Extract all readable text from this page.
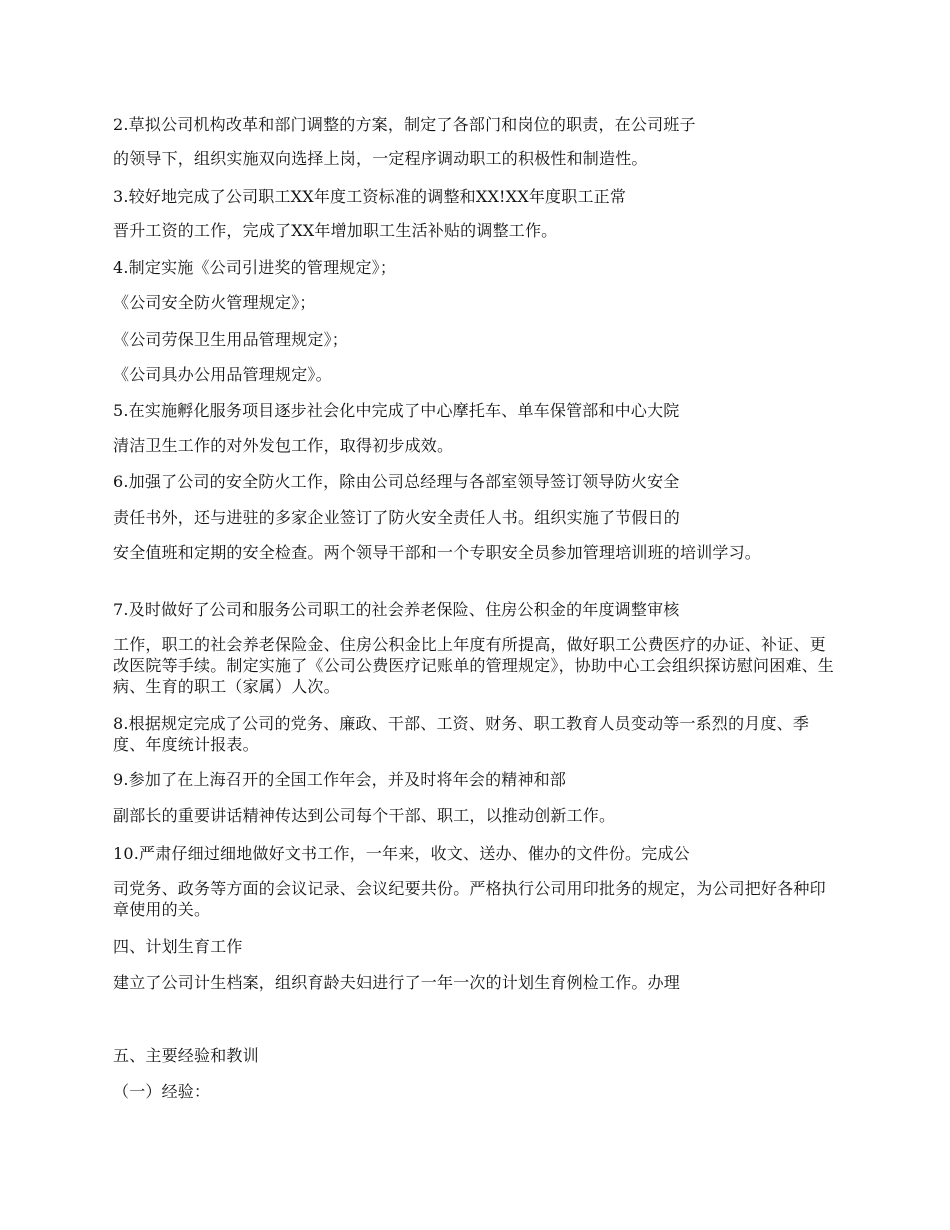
2.草拟公司机构改革和部门调整的方案，制定了各部门和岗位的职责，在公司班子
的领导下，组织实施双向选择上岗，一定程序调动职工的积极性和制造性。
3.较好地完成了公司职工XX年度工资标准的调整和XX!XX年度职工正常
晋升工资的工作，完成了XX年增加职工生活补贴的调整工作。
4.制定实施《公司引进奖的管理规定》；
《公司安全防火管理规定》；
《公司劳保卫生用品管理规定》；
《公司具办公用品管理规定》。
5.在实施孵化服务项目逐步社会化中完成了中心摩托车、单车保管部和中心大院
清洁卫生工作的对外发包工作，取得初步成效。
6.加强了公司的安全防火工作，除由公司总经理与各部室领导签订领导防火安全
责任书外，还与进驻的多家企业签订了防火安全责任人书。组织实施了节假日的
安全值班和定期的安全检查。两个领导干部和一个专职安全员参加管理培训班的培训学习。
7.及时做好了公司和服务公司职工的社会养老保险、住房公积金的年度调整审核
工作，职工的社会养老保险金、住房公积金比上年度有所提高，做好职工公费医疗的办证、补证、更改医院等手续。制定实施了《公司公费医疗记账单的管理规定》，协助中心工会组织探访慰问困难、生病、生育的职工（家属）人次。
8.根据规定完成了公司的党务、廉政、干部、工资、财务、职工教育人员变动等一系烈的月度、季度、年度统计报表。
9.参加了在上海召开的全国工作年会，并及时将年会的精神和部
副部长的重要讲话精神传达到公司每个干部、职工，以推动创新工作。
10.严肃仔细过细地做好文书工作，一年来，收文、送办、催办的文件份。完成公
司党务、政务等方面的会议记录、会议纪要共份。严格执行公司用印批务的规定，为公司把好各种印章使用的关。
四、计划生育工作
建立了公司计生档案，组织育龄夫妇进行了一年一次的计划生育例检工作。办理
五、主要经验和教训
（一）经验：
